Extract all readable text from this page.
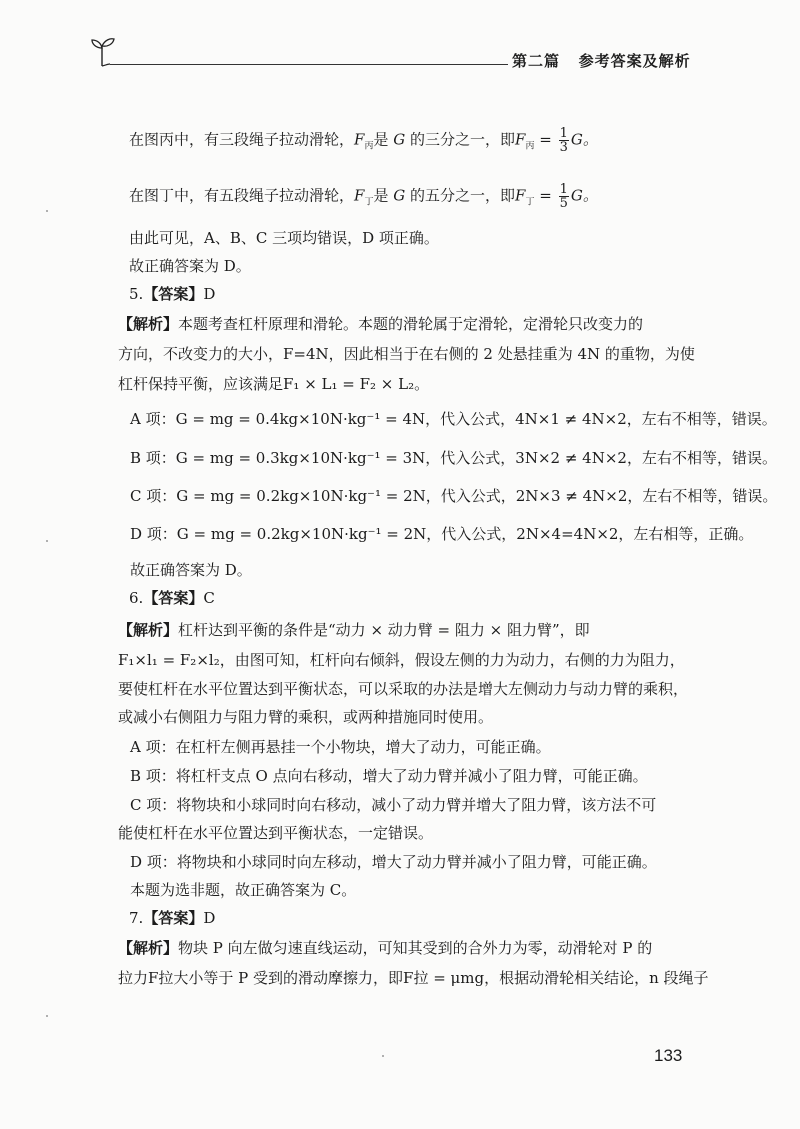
第二篇   参考答案及解析
在图丙中，有三段绳子拉动滑轮，$F_丙$是 G 的三分之一，即$F_丙 = \frac{1}{3}$ G。
在图丁中，有五段绳子拉动滑轮，$F_丁$是 G 的五分之一，即$F_丁 = \frac{1}{5}$ G。
由此可见，A、B、C 三项均错误，D 项正确。
故正确答案为 D。
5.【答案】D
【解析】本题考查杠杆原理和滑轮。本题的滑轮属于定滑轮，定滑轮只改变力的
方向，不改变力的大小，F=4N，因此相当于在右侧的 2 处悬挂重为 4N 的重物，为使
杠杆保持平衡，应该满足F₁ × L₁ = F₂ × L₂。
A 项：G = mg = 0.4kg×10N·kg⁻¹ = 4N，代入公式，4N×1 ≠ 4N×2，左右不相等，错误。
B 项：G = mg = 0.3kg×10N·kg⁻¹ = 3N，代入公式，3N×2 ≠ 4N×2，左右不相等，错误。
C 项：G = mg = 0.2kg×10N·kg⁻¹ = 2N，代入公式，2N×3 ≠ 4N×2，左右不相等，错误。
D 项：G = mg = 0.2kg×10N·kg⁻¹ = 2N，代入公式，2N×4=4N×2，左右相等，正确。
故正确答案为 D。
6.【答案】C
【解析】杠杆达到平衡的条件是“动力 × 动力臂 = 阻力 × 阻力臂”，即
F₁×l₁ = F₂×l₂，由图可知，杠杆向右倾斜，假设左侧的力为动力，右侧的力为阻力，
要使杠杆在水平位置达到平衡状态，可以采取的办法是增大左侧动力与动力臂的乘积，
或减小右侧阻力与阻力臂的乘积，或两种措施同时使用。
A 项：在杠杆左侧再悬挂一个小物块，增大了动力，可能正确。
B 项：将杠杆支点 O 点向右移动，增大了动力臂并减小了阻力臂，可能正确。
C 项：将物块和小球同时向右移动，减小了动力臂并增大了阻力臂，该方法不可
能使杠杆在水平位置达到平衡状态，一定错误。
D 项：将物块和小球同时向左移动，增大了动力臂并减小了阻力臂，可能正确。
本题为选非题，故正确答案为 C。
7.【答案】D
【解析】物块 P 向左做匀速直线运动，可知其受到的合外力为零，动滑轮对 P 的
拉力F拉大小等于 P 受到的滑动摩擦力，即F拉 = μmg，根据动滑轮相关结论，n 段绳子
133
